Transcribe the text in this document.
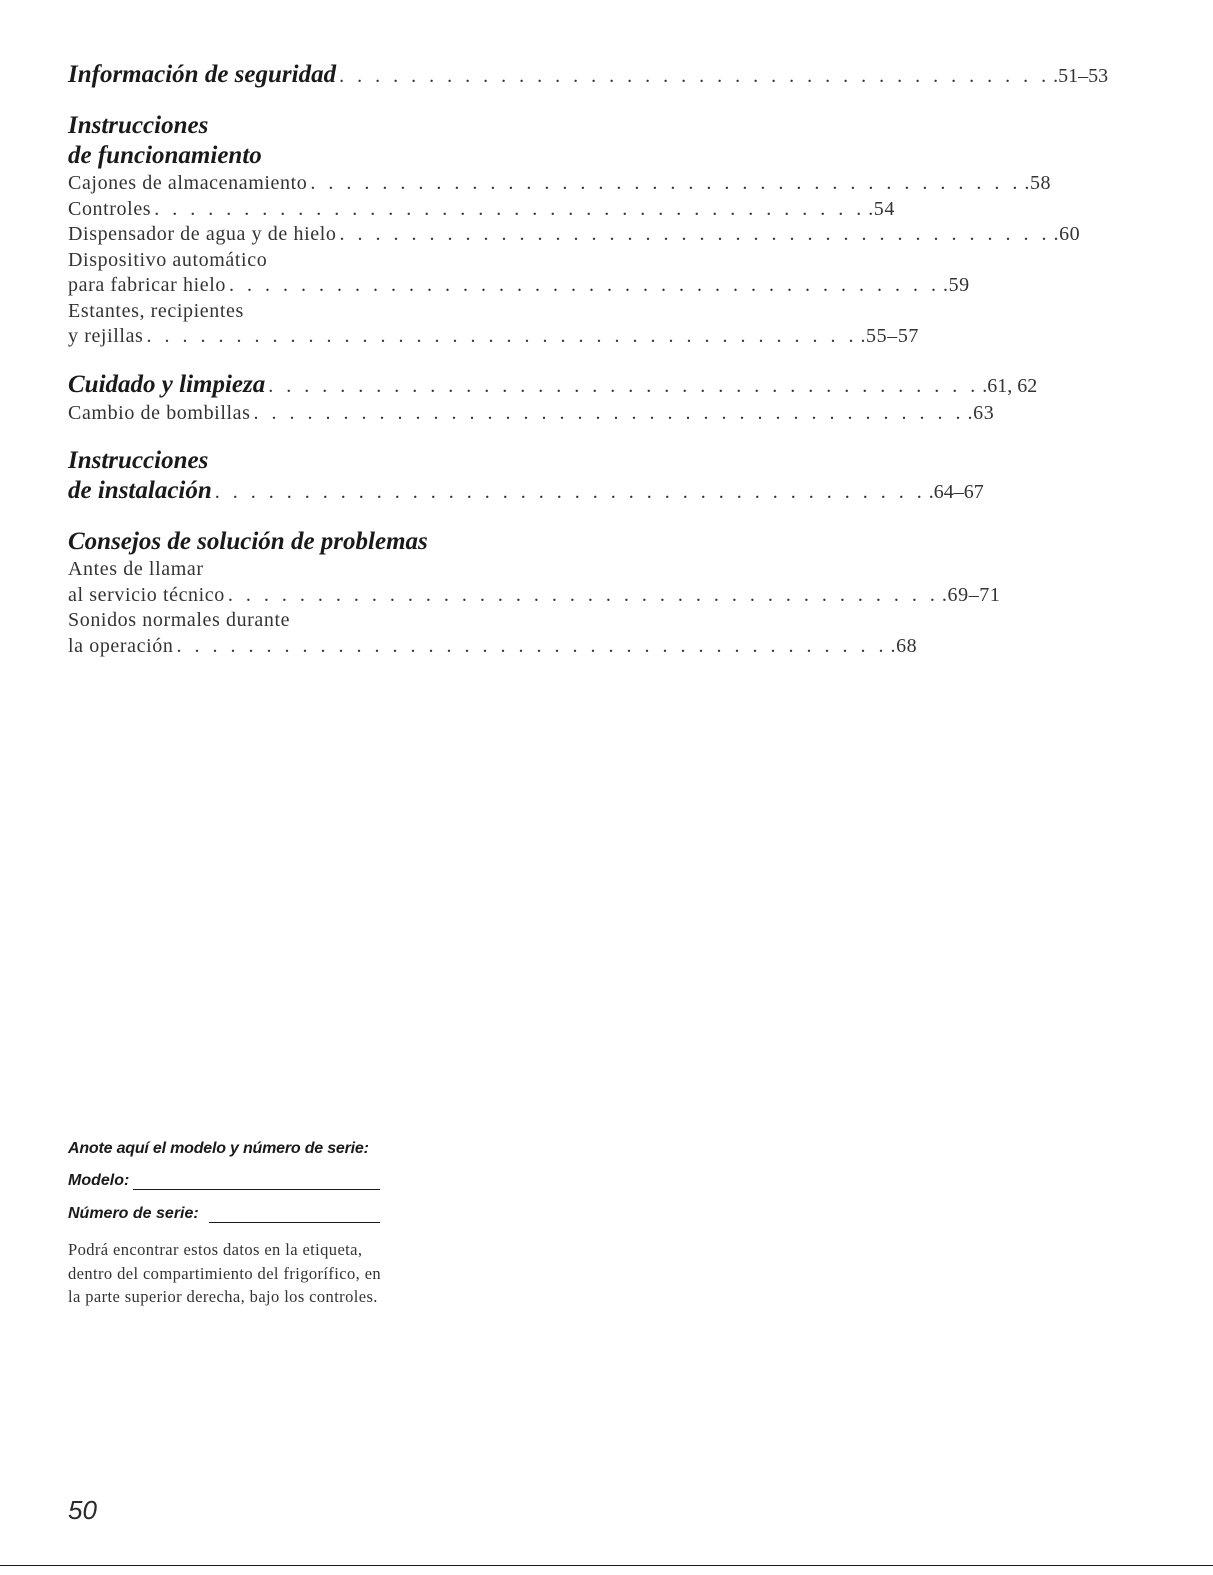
Información de seguridad . . . . . . . . . . . . . . . . . . . . . . . . . . . . . . . . . . . . . . . . .51–53
Instrucciones
de funcionamiento
Cajones de almacenamiento . . . . . . . . . . . . . . . . . . . . . . . . . . . . . . . . . . . . . . . . .58
Controles . . . . . . . . . . . . . . . . . . . . . . . . . . . . . . . . . . . . . . . . .54
Dispensador de agua y de hielo . . . . . . . . . . . . . . . . . . . . . . . . . . . . . . . . . . . . . . . . .60
Dispositivo automático
para fabricar hielo . . . . . . . . . . . . . . . . . . . . . . . . . . . . . . . . . . . . . . . . .59
Estantes, recipientes
y rejillas . . . . . . . . . . . . . . . . . . . . . . . . . . . . . . . . . . . . . . . . .55–57
Cuidado y limpieza . . . . . . . . . . . . . . . . . . . . . . . . . . . . . . . . . . . . . . . . .61, 62
Cambio de bombillas . . . . . . . . . . . . . . . . . . . . . . . . . . . . . . . . . . . . . . . . .63
Instrucciones
de instalación . . . . . . . . . . . . . . . . . . . . . . . . . . . . . . . . . . . . . . . . .64–67
Consejos de solución de problemas
Antes de llamar
al servicio técnico . . . . . . . . . . . . . . . . . . . . . . . . . . . . . . . . . . . . . . . . .69–71
Sonidos normales durante
la operación . . . . . . . . . . . . . . . . . . . . . . . . . . . . . . . . . . . . . . . . .68
Anote aquí el modelo y número de serie:
Modelo:
Número de serie:
Podrá encontrar estos datos en la etiqueta, dentro del compartimiento del frigorífico, en la parte superior derecha, bajo los controles.
50
